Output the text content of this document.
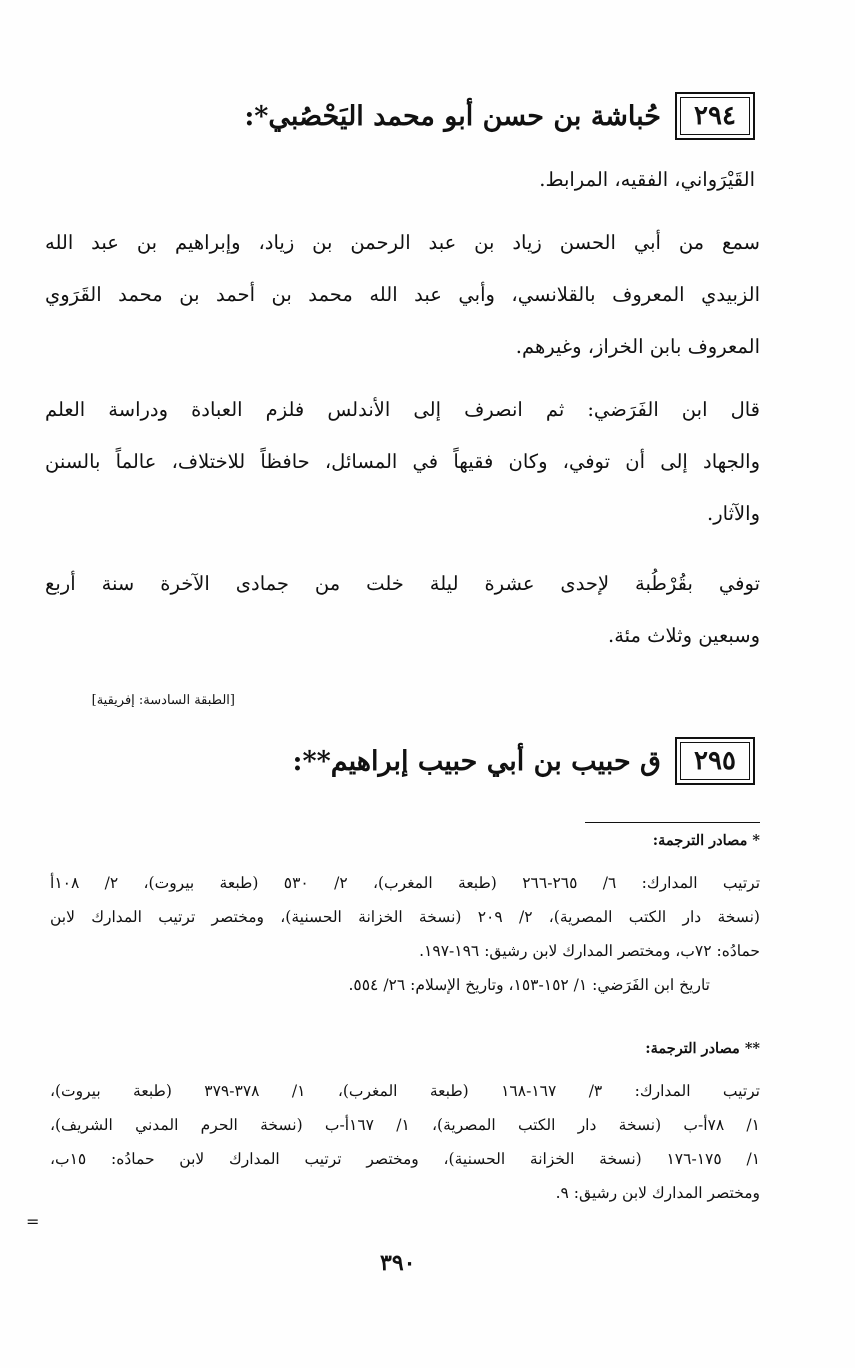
٢٩٤
حُباشة بن حسن أبو محمد اليَحْصُبي*:
القَيْرَواني، الفقيه، المرابط.
سمع من أبي الحسن زياد بن عبد الرحمن بن زياد، وإبراهيم بن عبد الله
الزبيدي المعروف بالقلانسي، وأبي عبد الله محمد بن أحمد بن محمد القَرَوي
المعروف بابن الخراز، وغيرهم.
قال ابن الفَرَضي: ثم انصرف إلى الأندلس فلزم العبادة ودراسة العلم
والجهاد إلى أن توفي، وكان فقيهاً في المسائل، حافظاً للاختلاف، عالماً بالسنن
والآثار.
توفي بقُرْطُبة لإحدى عشرة ليلة خلت من جمادى الآخرة سنة أربع
وسبعين وثلاث مئة.
[الطبقة السادسة: إفريقية]
٢٩٥
ق حبيب بن أبي حبيب إبراهيم**:
* مصادر الترجمة:
ترتيب المدارك: ٦/ ٢٦٥-٢٦٦ (طبعة المغرب)، ٢/ ٥٣٠ (طبعة بيروت)، ٢/ ١٠٨أ
(نسخة دار الكتب المصرية)، ٢/ ٢٠٩ (نسخة الخزانة الحسنية)، ومختصر ترتيب المدارك لابن
حمادُه: ٧٢ب، ومختصر المدارك لابن رشيق: ١٩٦-١٩٧.
تاريخ ابن الفَرَضي: ١/ ١٥٢-١٥٣، وتاريخ الإسلام: ٢٦/ ٥٥٤.
** مصادر الترجمة:
ترتيب المدارك: ٣/ ١٦٧-١٦٨ (طبعة المغرب)، ١/ ٣٧٨-٣٧٩ (طبعة بيروت)،
١/ ٧٨أ-ب (نسخة دار الكتب المصرية)، ١/ ١٦٧أ-ب (نسخة الحرم المدني الشريف)،
١/ ١٧٥-١٧٦ (نسخة الخزانة الحسنية)، ومختصر ترتيب المدارك لابن حمادُه: ١٥ب،
ومختصر المدارك لابن رشيق: ٩.
٣٩٠
=
